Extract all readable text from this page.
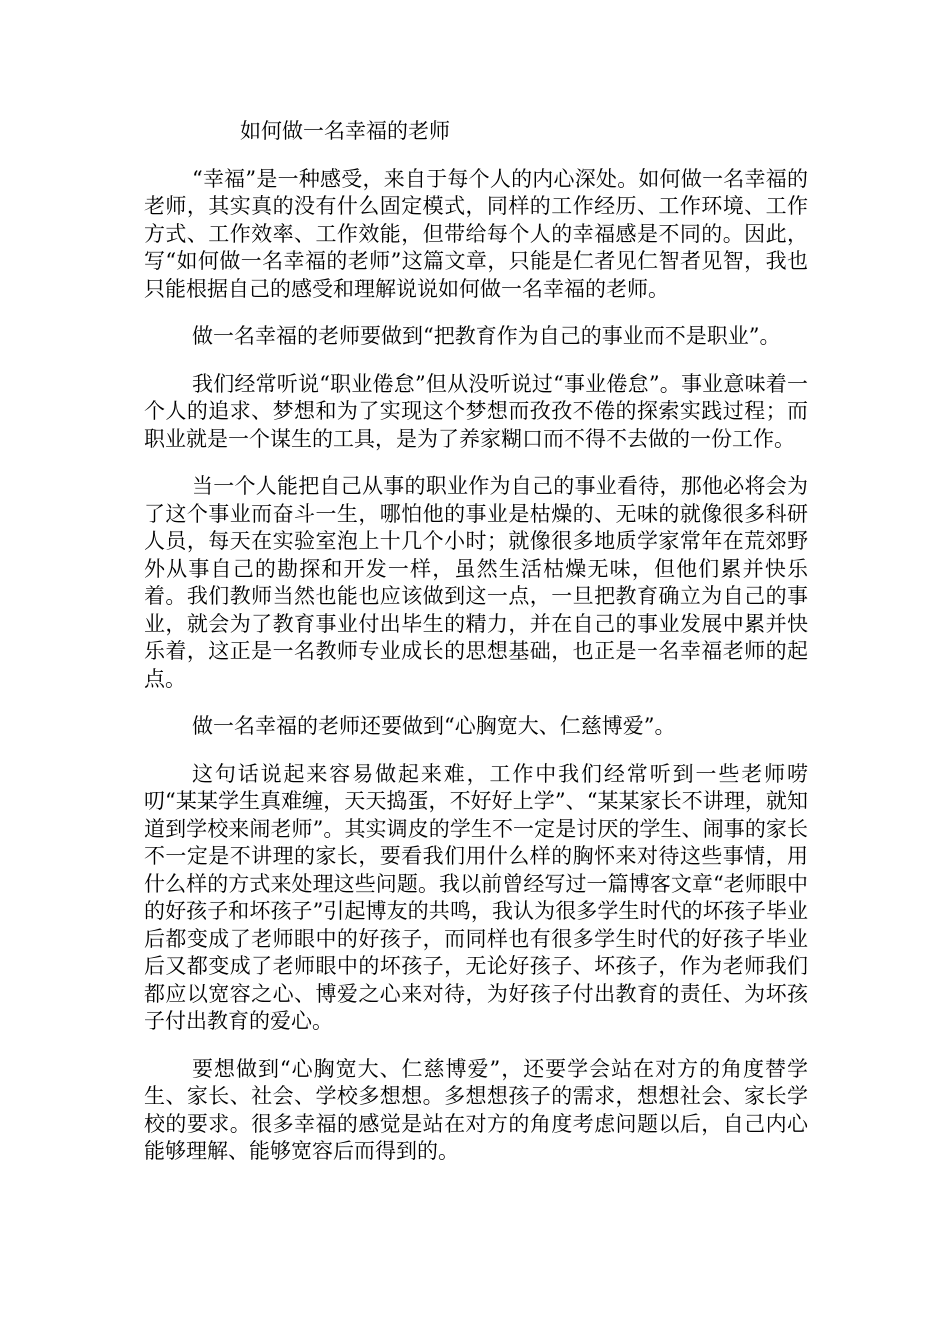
如何做一名幸福的老师

“幸福”是一种感受，来自于每个人的内心深处。如何做一名幸福的老师，其实真的没有什么固定模式，同样的工作经历、工作环境、工作方式、工作效率、工作效能，但带给每个人的幸福感是不同的。因此，写“如何做一名幸福的老师”这篇文章，只能是仁者见仁智者见智，我也只能根据自己的感受和理解说说如何做一名幸福的老师。

做一名幸福的老师要做到“把教育作为自己的事业而不是职业”。

我们经常听说“职业倦怠”但从没听说过“事业倦怠”。事业意味着一个人的追求、梦想和为了实现这个梦想而孜孜不倦的探索实践过程；而职业就是一个谋生的工具，是为了养家糊口而不得不去做的一份工作。

当一个人能把自己从事的职业作为自己的事业看待，那他必将会为了这个事业而奋斗一生，哪怕他的事业是枯燥的、无味的就像很多科研人员，每天在实验室泡上十几个小时；就像很多地质学家常年在荒郊野外从事自己的勘探和开发一样，虽然生活枯燥无味，但他们累并快乐着。我们教师当然也能也应该做到这一点，一旦把教育确立为自己的事业，就会为了教育事业付出毕生的精力，并在自己的事业发展中累并快乐着，这正是一名教师专业成长的思想基础，也正是一名幸福老师的起点。

做一名幸福的老师还要做到“心胸宽大、仁慈博爱”。

这句话说起来容易做起来难，工作中我们经常听到一些老师唠叨“某某学生真难缠，天天捣蛋，不好好上学”、“某某家长不讲理，就知道到学校来闹老师”。其实调皮的学生不一定是讨厌的学生、闹事的家长不一定是不讲理的家长，要看我们用什么样的胸怀来对待这些事情，用什么样的方式来处理这些问题。我以前曾经写过一篇博客文章“老师眼中的好孩子和坏孩子”引起博友的共鸣，我认为很多学生时代的坏孩子毕业后都变成了老师眼中的好孩子，而同样也有很多学生时代的好孩子毕业后又都变成了老师眼中的坏孩子，无论好孩子、坏孩子，作为老师我们都应以宽容之心、博爱之心来对待，为好孩子付出教育的责任、为坏孩子付出教育的爱心。

要想做到“心胸宽大、仁慈博爱”，还要学会站在对方的角度替学生、家长、社会、学校多想想。多想想孩子的需求，想想社会、家长学校的要求。很多幸福的感觉是站在对方的角度考虑问题以后，自己内心能够理解、能够宽容后而得到的。
